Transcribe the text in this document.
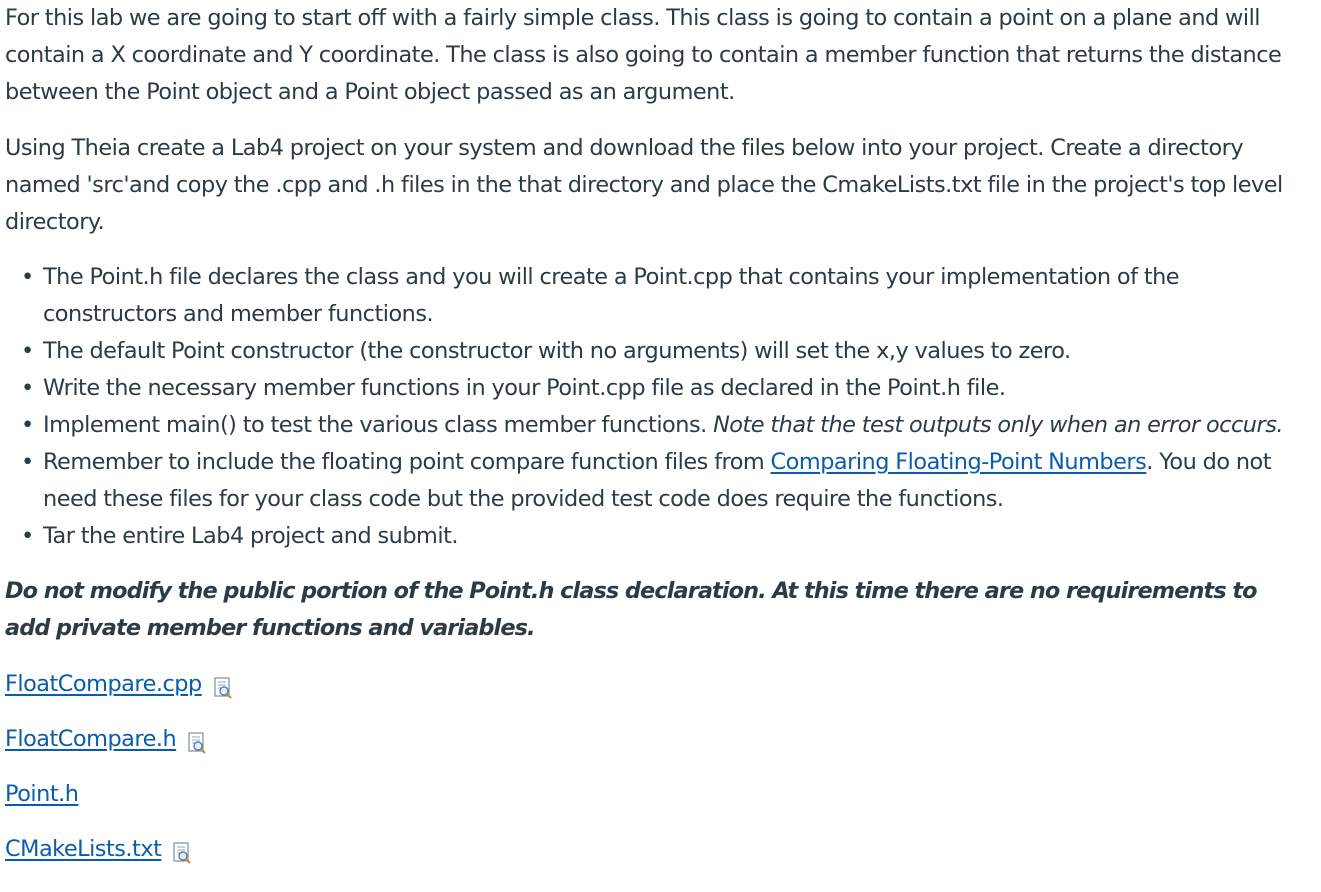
For this lab we are going to start off with a fairly simple class. This class is going to contain a point on a plane and will contain a X coordinate and Y coordinate. The class is also going to contain a member function that returns the distance between the Point object and a Point object passed as an argument.

Using Theia create a Lab4 project on your system and download the files below into your project. Create a directory named 'src'and copy the .cpp and .h files in the that directory and place the CmakeLists.txt file in the project's top level directory.

• The Point.h file declares the class and you will create a Point.cpp that contains your implementation of the constructors and member functions.
• The default Point constructor (the constructor with no arguments) will set the x,y values to zero.
• Write the necessary member functions in your Point.cpp file as declared in the Point.h file.
• Implement main() to test the various class member functions. Note that the test outputs only when an error occurs.
• Remember to include the floating point compare function files from Comparing Floating-Point Numbers. You do not need these files for your class code but the provided test code does require the functions.
• Tar the entire Lab4 project and submit.

Do not modify the public portion of the Point.h class declaration. At this time there are no requirements to add private member functions and variables.

FloatCompare.cpp
FloatCompare.h
Point.h
CMakeLists.txt
